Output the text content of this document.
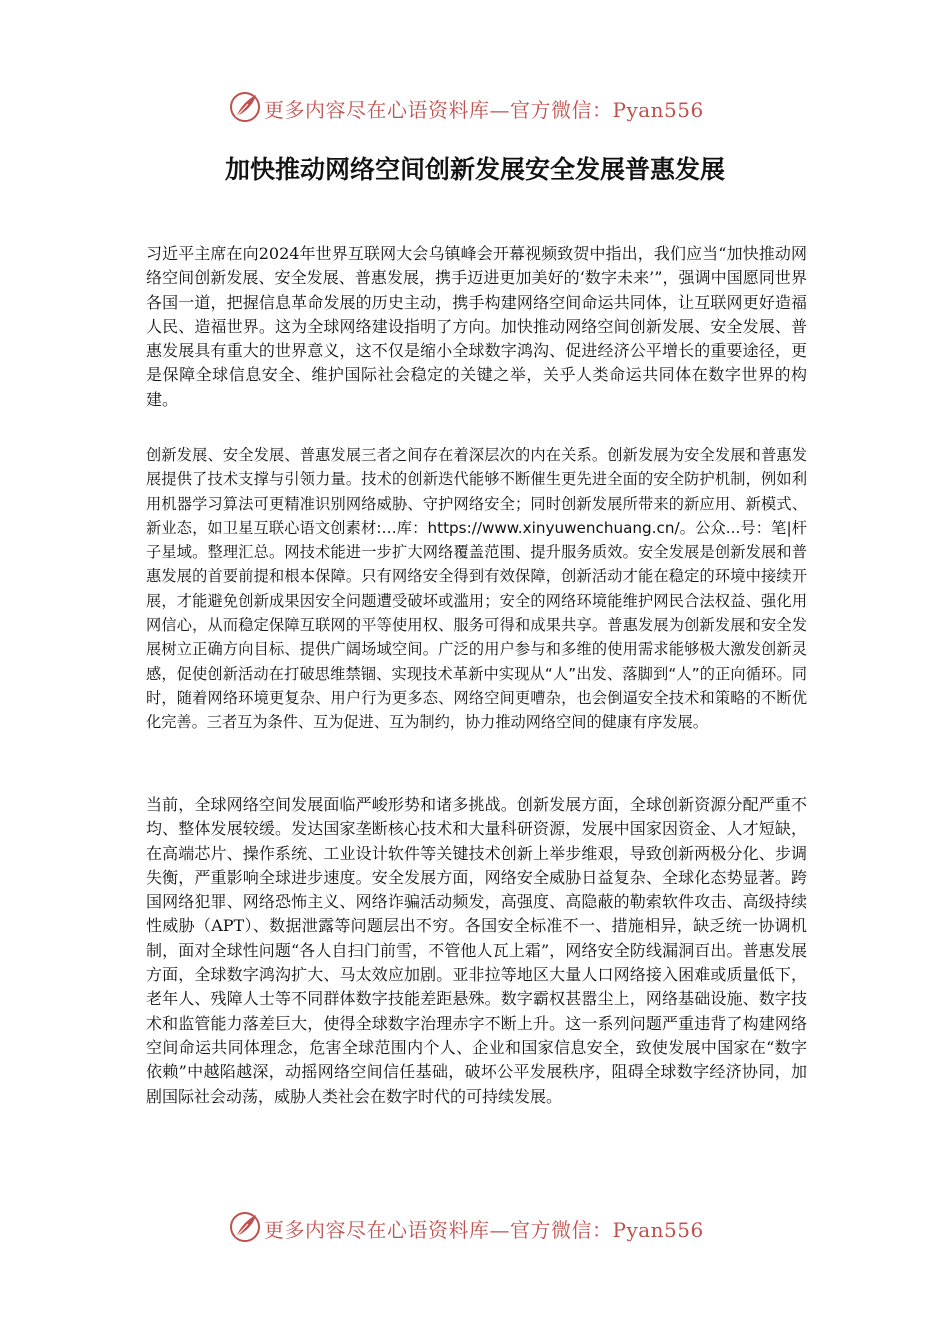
更多内容尽在心语资料库—官方微信：Pyan556
加快推动网络空间创新发展安全发展普惠发展

习近平主席在向2024年世界互联网大会乌镇峰会开幕视频致贺中指出，我们应当“加快推动网络空间创新发展、安全发展、普惠发展，携手迈进更加美好的‘数字未来’”，强调中国愿同世界各国一道，把握信息革命发展的历史主动，携手构建网络空间命运共同体，让互联网更好造福人民、造福世界。这为全球网络建设指明了方向。加快推动网络空间创新发展、安全发展、普惠发展具有重大的世界意义，这不仅是缩小全球数字鸿沟、促进经济公平增长的重要途径，更是保障全球信息安全、维护国际社会稳定的关键之举，关乎人类命运共同体在数字世界的构建。

创新发展、安全发展、普惠发展三者之间存在着深层次的内在关系。创新发展为安全发展和普惠发展提供了技术支撑与引领力量。技术的创新迭代能够不断催生更先进全面的安全防护机制，例如利用机器学习算法可更精准识别网络威胁、守护网络安全；同时创新发展所带来的新应用、新模式、新业态，如卫星互联心语文创素材:…库：https://www.xinyuwenchuang.cn/。公众...号：笔|杆子星域。整理汇总。网技术能进一步扩大网络覆盖范围、提升服务质效。安全发展是创新发展和普惠发展的首要前提和根本保障。只有网络安全得到有效保障，创新活动才能在稳定的环境中接续开展，才能避免创新成果因安全问题遭受破坏或滥用；安全的网络环境能维护网民合法权益、强化用网信心，从而稳定保障互联网的平等使用权、服务可得和成果共享。普惠发展为创新发展和安全发展树立正确方向目标、提供广阔场域空间。广泛的用户参与和多维的使用需求能够极大激发创新灵感，促使创新活动在打破思维禁锢、实现技术革新中实现从“人”出发、落脚到“人”的正向循环。同时，随着网络环境更复杂、用户行为更多态、网络空间更嘈杂，也会倒逼安全技术和策略的不断优化完善。三者互为条件、互为促进、互为制约，协力推动网络空间的健康有序发展。

当前，全球网络空间发展面临严峻形势和诸多挑战。创新发展方面，全球创新资源分配严重不均、整体发展较缓。发达国家垄断核心技术和大量科研资源，发展中国家因资金、人才短缺，在高端芯片、操作系统、工业设计软件等关键技术创新上举步维艰，导致创新两极分化、步调失衡，严重影响全球进步速度。安全发展方面，网络安全威胁日益复杂、全球化态势显著。跨国网络犯罪、网络恐怖主义、网络诈骗活动频发，高强度、高隐蔽的勒索软件攻击、高级持续性威胁（APT）、数据泄露等问题层出不穷。各国安全标准不一、措施相异，缺乏统一协调机制，面对全球性问题“各人自扫门前雪，不管他人瓦上霜”，网络安全防线漏洞百出。普惠发展方面，全球数字鸿沟扩大、马太效应加剧。亚非拉等地区大量人口网络接入困难或质量低下，老年人、残障人士等不同群体数字技能差距悬殊。数字霸权甚嚣尘上，网络基础设施、数字技术和监管能力落差巨大，使得全球数字治理赤字不断上升。这一系列问题严重违背了构建网络空间命运共同体理念，危害全球范围内个人、企业和国家信息安全，致使发展中国家在“数字依赖”中越陷越深，动摇网络空间信任基础，破坏公平发展秩序，阻碍全球数字经济协同，加剧国际社会动荡，威胁人类社会在数字时代的可持续发展。

更多内容尽在心语资料库—官方微信：Pyan556
